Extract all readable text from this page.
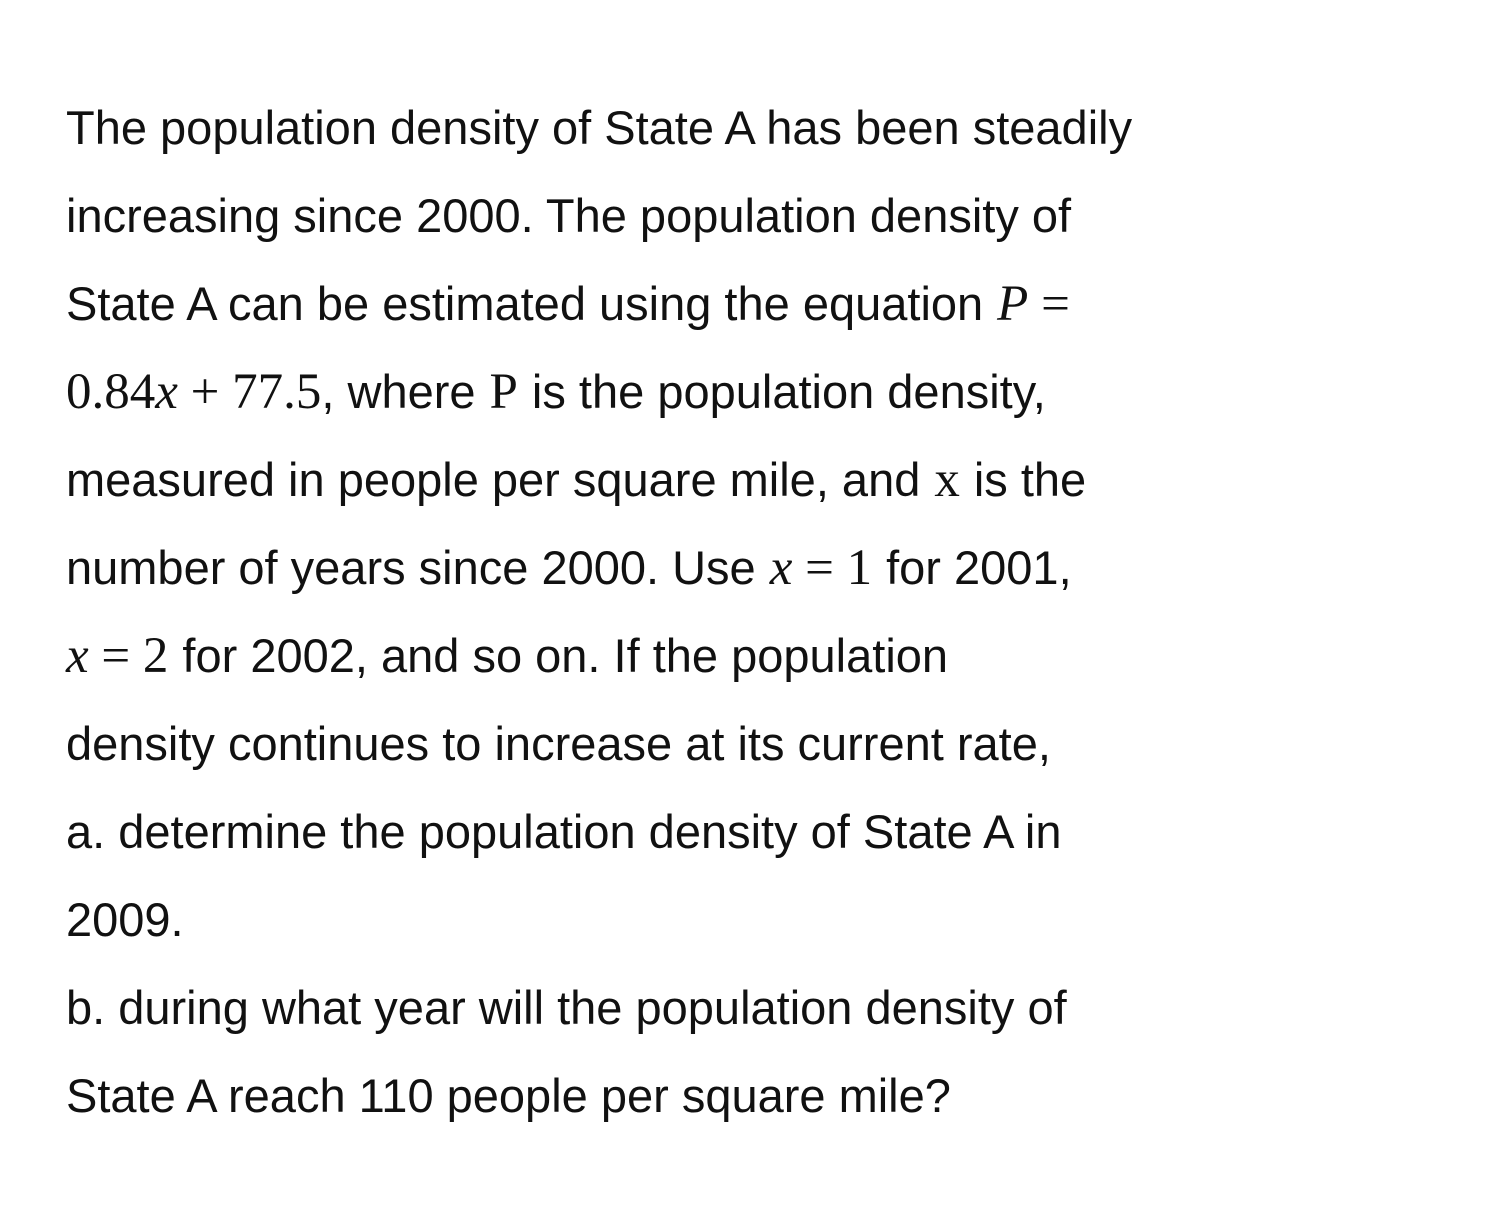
The population density of State A has been steadily
increasing since 2000. The population density of
State A can be estimated using the equation P =
0.84x + 77.5, where P is the population density,
measured in people per square mile, and x is the
number of years since 2000. Use x = 1 for 2001,
x = 2 for 2002, and so on. If the population
density continues to increase at its current rate,
a. determine the population density of State A in
2009.
b. during what year will the population density of
State A reach 110 people per square mile?
